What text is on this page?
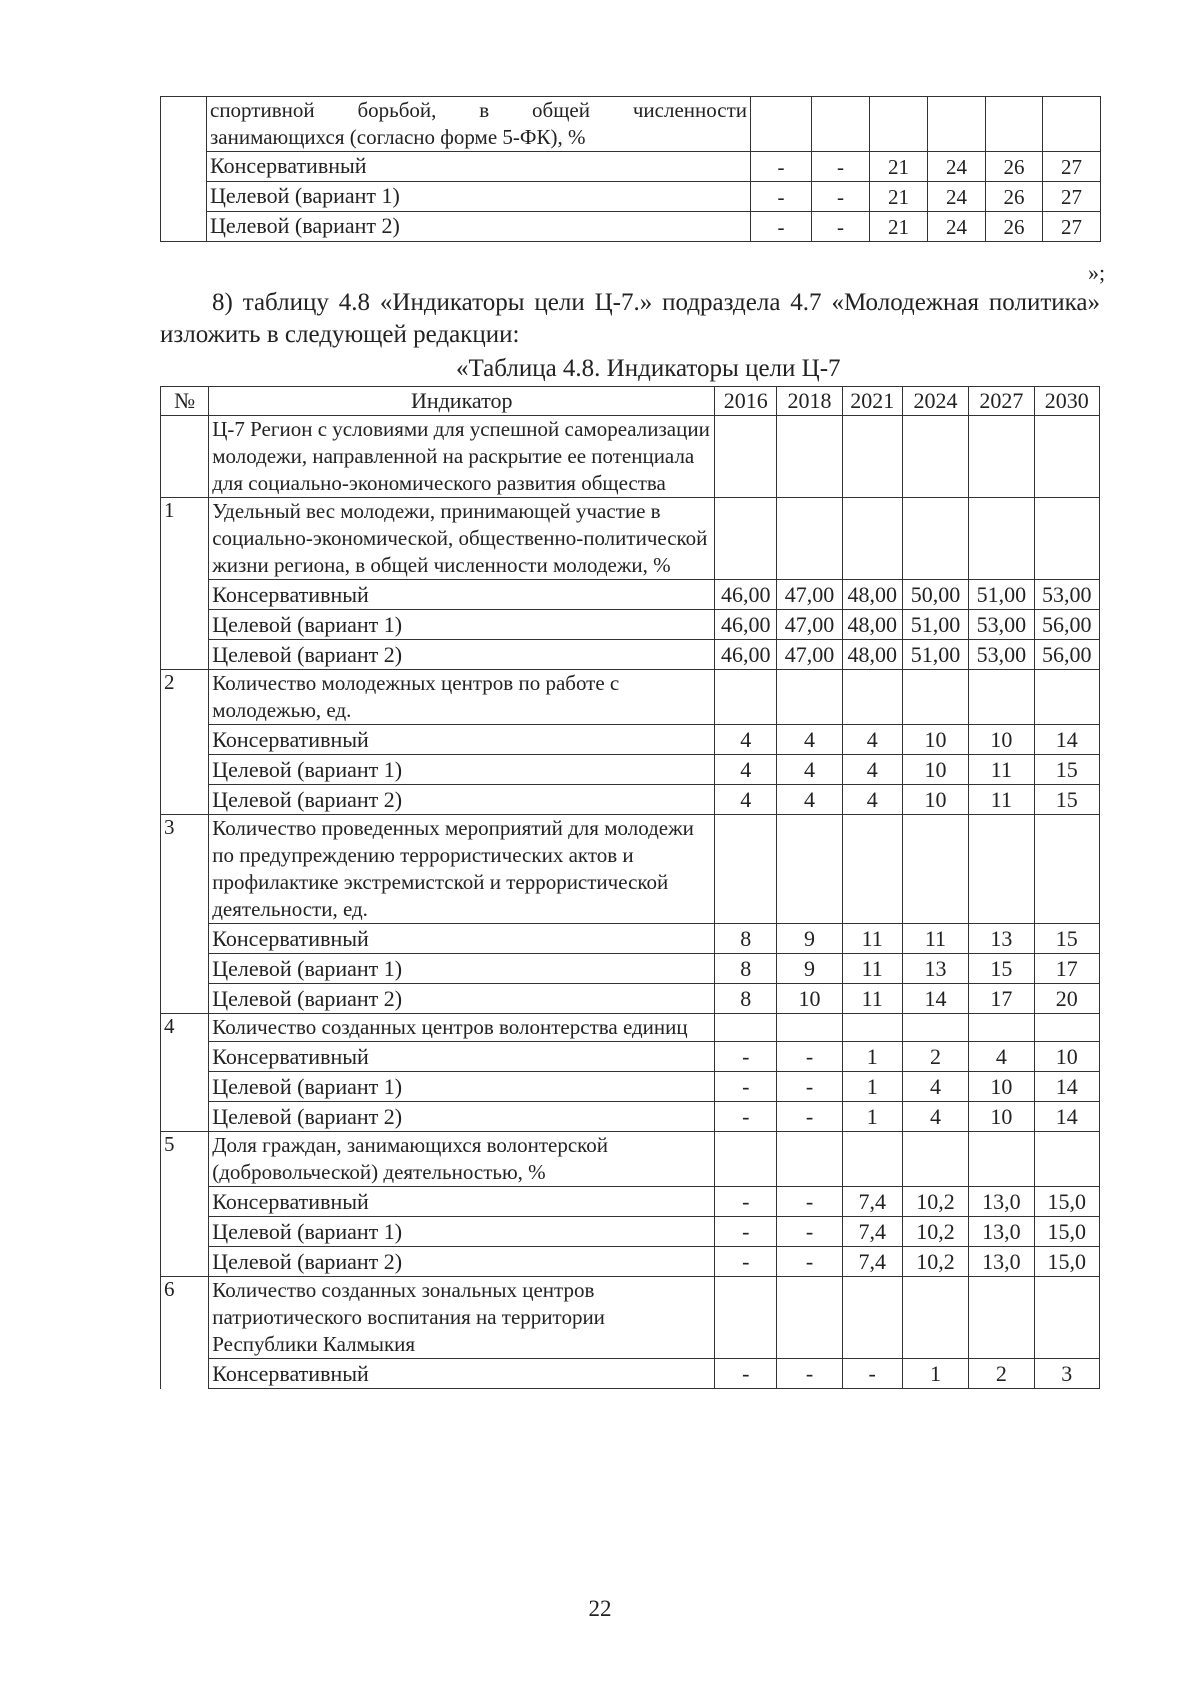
	спортивной борьбой, в общей численности
занимающихся (согласно форме 5-ФК), %						

	Консервативный	-	-	21	24	26	27
	Целевой (вариант 1)	-	-	21	24	26	27
	Целевой (вариант 2)	-	-	21	24	26	27
»;
8) таблицу 4.8 «Индикаторы цели Ц-7.» подраздела 4.7 «Молодежная политика» изложить в следующей редакции:
«Таблица 4.8. Индикаторы цели Ц-7
№	Индикатор	2016	2018	2021	2024	2027	2030
	Ц-7 Регион с условиями для успешной самореализации молодежи, направленной на раскрытие ее потенциала для социально-экономического развития общества						
1	Удельный вес молодежи, принимающей участие в социально-экономической, общественно-политической жизни региона, в общей численности молодежи, %						
	Консервативный	46,00	47,00	48,00	50,00	51,00	53,00
	Целевой (вариант 1)	46,00	47,00	48,00	51,00	53,00	56,00
	Целевой (вариант 2)	46,00	47,00	48,00	51,00	53,00	56,00
2	Количество молодежных центров по работе с молодежью, ед.						
	Консервативный	4	4	4	10	10	14
	Целевой (вариант 1)	4	4	4	10	11	15
	Целевой (вариант 2)	4	4	4	10	11	15
3	Количество проведенных мероприятий для молодежи по предупреждению террористических актов и профилактике экстремистской и террористической деятельности, ед.						
	Консервативный	8	9	11	11	13	15
	Целевой (вариант 1)	8	9	11	13	15	17
	Целевой (вариант 2)	8	10	11	14	17	20
4	Количество созданных центров волонтерства единиц						
	Консервативный	-	-	1	2	4	10
	Целевой (вариант 1)	-	-	1	4	10	14
	Целевой (вариант 2)	-	-	1	4	10	14
5	Доля граждан, занимающихся волонтерской (добровольческой) деятельностью, %						
	Консервативный	-	-	7,4	10,2	13,0	15,0
	Целевой (вариант 1)	-	-	7,4	10,2	13,0	15,0
	Целевой (вариант 2)	-	-	7,4	10,2	13,0	15,0
6	Количество созданных зональных центров патриотического воспитания на территории Республики Калмыкия						
	Консервативный	-	-	-	1	2	3
22
